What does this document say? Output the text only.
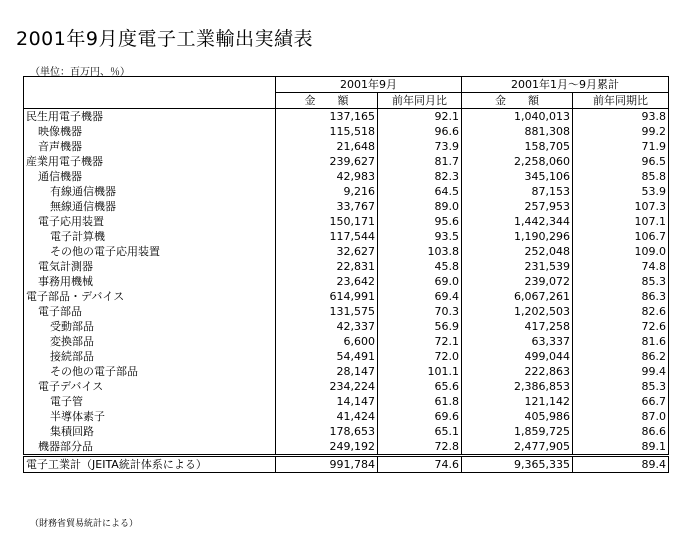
2001年9月度電子工業輸出実績表
（単位：百万円、％）
	2001年9月		2001年1月～9月累計	
	金　　額	前年同月比	金　　額	前年同期比
民生用電子機器	137,165	92.1	1,040,013	93.8
映像機器	115,518	96.6	881,308	99.2
音声機器	21,648	73.9	158,705	71.9
産業用電子機器	239,627	81.7	2,258,060	96.5
通信機器	42,983	82.3	345,106	85.8
有線通信機器	9,216	64.5	87,153	53.9
無線通信機器	33,767	89.0	257,953	107.3
電子応用装置	150,171	95.6	1,442,344	107.1
電子計算機	117,544	93.5	1,190,296	106.7
その他の電子応用装置	32,627	103.8	252,048	109.0
電気計測器	22,831	45.8	231,539	74.8
事務用機械	23,642	69.0	239,072	85.3
電子部品・デバイス	614,991	69.4	6,067,261	86.3
電子部品	131,575	70.3	1,202,503	82.6
受動部品	42,337	56.9	417,258	72.6
変換部品	6,600	72.1	63,337	81.6
接続部品	54,491	72.0	499,044	86.2
その他の電子部品	28,147	101.1	222,863	99.4
電子デバイス	234,224	65.6	2,386,853	85.3
電子管	14,147	61.8	121,142	66.7
半導体素子	41,424	69.6	405,986	87.0
集積回路	178,653	65.1	1,859,725	86.6
機器部分品	249,192	72.8	2,477,905	89.1
電子工業計（JEITA統計体系による）	991,784	74.6	9,365,335	89.4
（財務省貿易統計による）
